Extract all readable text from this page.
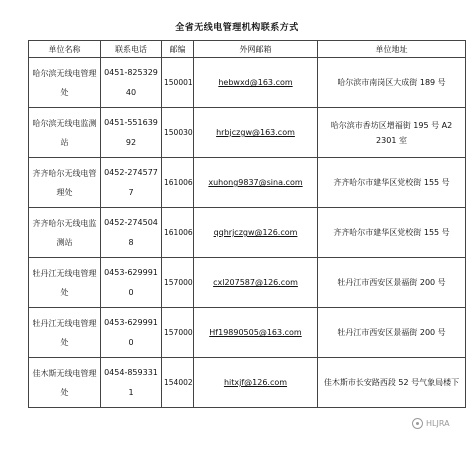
全省无线电管理机构联系方式
单位名称	联系电话	邮编	外网邮箱	单位地址
哈尔滨无线电管理处	0451-82532940	150001	hebwxd@163.com	哈尔滨市南岗区大成街 189 号
哈尔滨无线电监测站	0451-55163992	150030	hrbjczgw@163.com	哈尔滨市香坊区增福街 195 号 A2 2301 室
齐齐哈尔无线电管理处	0452-2745777	161006	xuhong9837@sina.com	齐齐哈尔市建华区党校街 155 号
齐齐哈尔无线电监测站	0452-2745048	161006	qqhrjczgw@126.com	齐齐哈尔市建华区党校街 155 号
牡丹江无线电管理处	0453-6299910	157000	cxl207587@126.com	牡丹江市西安区景福街 200 号
牡丹江无线电管理处	0453-6299910	157000	Hf19890505@163.com	牡丹江市西安区景福街 200 号
佳木斯无线电管理处	0454-8593311	154002	hitxjf@126.com	佳木斯市长安路西段 52 号气象局楼下
HLJRA
